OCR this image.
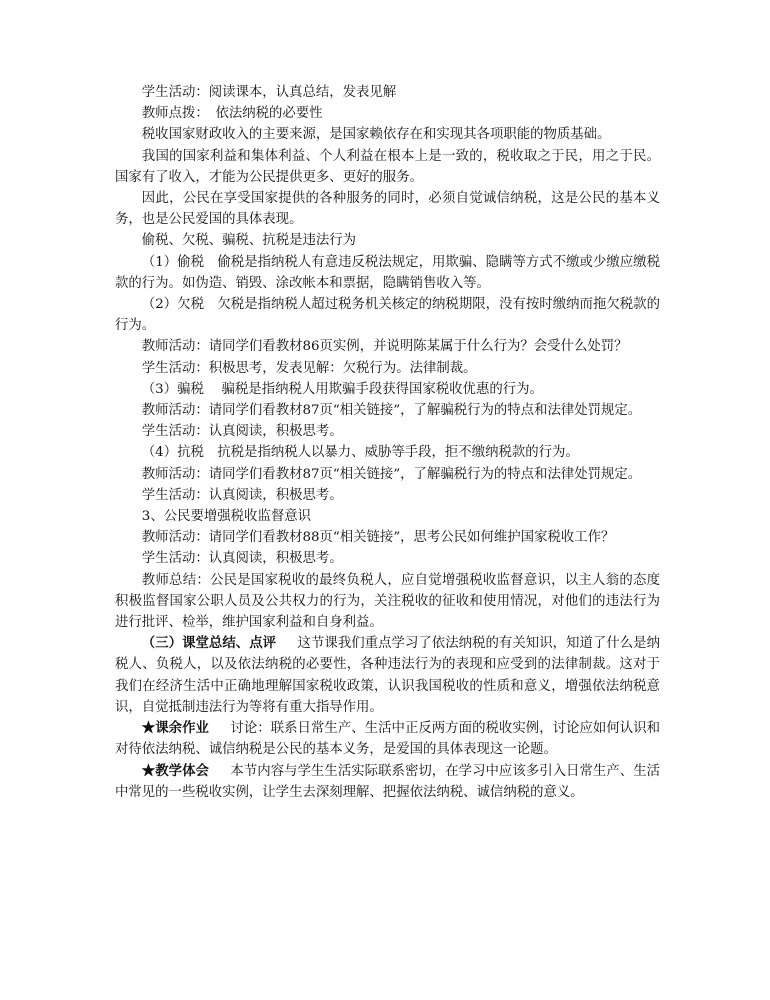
学生活动：阅读课本，认真总结，发表见解

教师点拨：　依法纳税的必要性

税收国家财政收入的主要来源，是国家赖依存在和实现其各项职能的物质基础。

我国的国家利益和集体利益、个人利益在根本上是一致的，税收取之于民，用之于民。国家有了收入，才能为公民提供更多、更好的服务。

因此，公民在享受国家提供的各种服务的同时，必须自觉诚信纳税，这是公民的基本义务，也是公民爱国的具体表现。

偷税、欠税、骗税、抗税是违法行为

（1）偷税　偷税是指纳税人有意违反税法规定，用欺骗、隐瞒等方式不缴或少缴应缴税款的行为。如伪造、销毁、涂改帐本和票据，隐瞒销售收入等。

（2）欠税　欠税是指纳税人超过税务机关核定的纳税期限，没有按时缴纳而拖欠税款的行为。

教师活动：请同学们看教材86页实例，并说明陈某属于什么行为？会受什么处罚？

学生活动：积极思考，发表见解：欠税行为。法律制裁。

（3）骗税　 骗税是指纳税人用欺骗手段获得国家税收优惠的行为。

教师活动：请同学们看教材87页“相关链接”，了解骗税行为的特点和法律处罚规定。

学生活动：认真阅读，积极思考。

（4）抗税　抗税是指纳税人以暴力、威胁等手段，拒不缴纳税款的行为。

教师活动：请同学们看教材87页“相关链接”，了解骗税行为的特点和法律处罚规定。

学生活动：认真阅读，积极思考。

3、公民要增强税收监督意识

教师活动：请同学们看教材88页“相关链接”，思考公民如何维护国家税收工作？

学生活动：认真阅读，积极思考。

教师总结：公民是国家税收的最终负税人，应自觉增强税收监督意识，以主人翁的态度积极监督国家公职人员及公共权力的行为，关注税收的征收和使用情况，对他们的违法行为进行批评、检举，维护国家利益和自身利益。

（三）课堂总结、点评 这节课我们重点学习了依法纳税的有关知识，知道了什么是纳税人、负税人，以及依法纳税的必要性，各种违法行为的表现和应受到的法律制裁。这对于我们在经济生活中正确地理解国家税收政策，认识我国税收的性质和意义，增强依法纳税意识，自觉抵制违法行为等将有重大指导作用。

★课余作业 讨论：联系日常生产、生活中正反两方面的税收实例，讨论应如何认识和对待依法纳税、诚信纳税是公民的基本义务，是爱国的具体表现这一论题。

★教学体会 本节内容与学生生活实际联系密切，在学习中应该多引入日常生产、生活中常见的一些税收实例，让学生去深刻理解、把握依法纳税、诚信纳税的意义。
